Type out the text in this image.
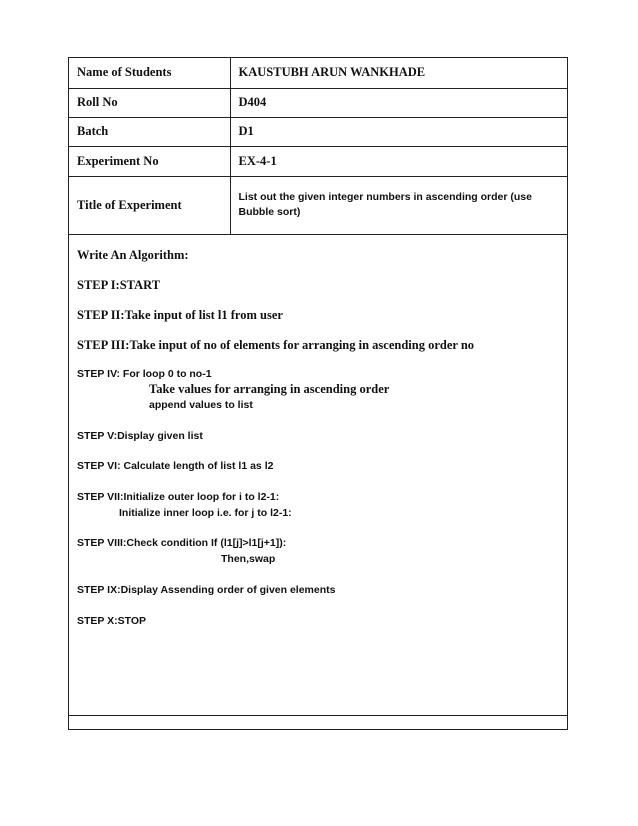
Name of Students	KAUSTUBH ARUN WANKHADE
Roll No	D404
Batch	D1
Experiment No	EX-4-1
Title of Experiment	List out the given integer numbers in ascending order (use Bubble sort)
Write An Algorithm:
STEP I:START
STEP II:Take input of list l1 from user
STEP III:Take input of no of elements for arranging in ascending order no
STEP IV: For loop 0 to no-1
Take values for arranging in ascending order
append values to list
STEP V:Display given list
STEP VI: Calculate length of list l1 as l2
STEP VII:Initialize outer loop for i to l2-1:
Initialize inner loop i.e. for j to l2-1:
STEP VIII:Check condition If (l1[j]>l1[j+1]):
Then,swap
STEP IX:Display Assending order of given elements
STEP X:STOP
